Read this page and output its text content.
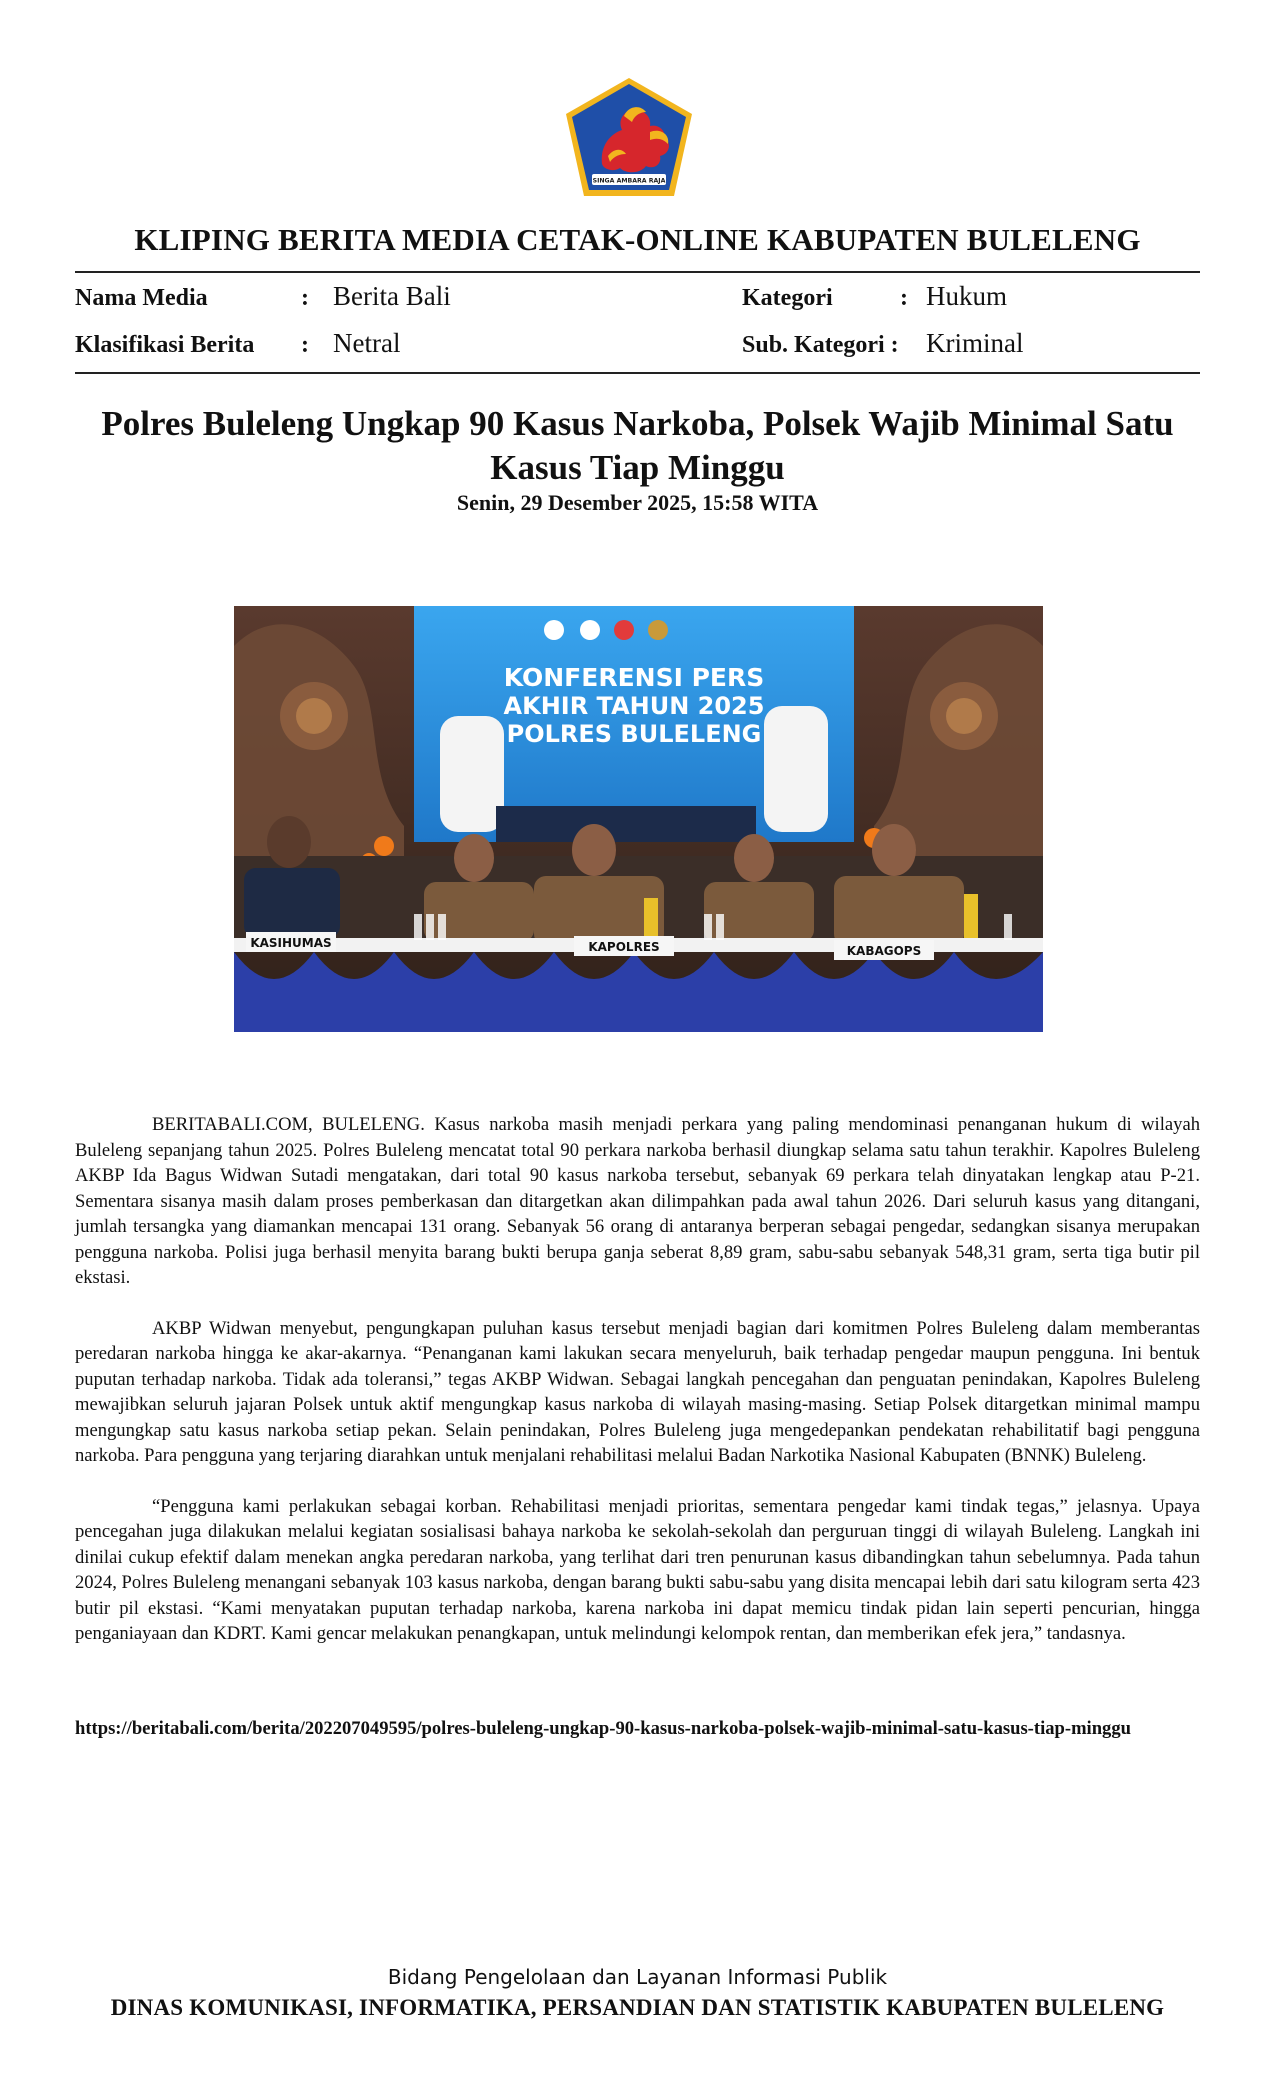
SINGA AMBARA RAJA
KLIPING BERITA MEDIA CETAK-ONLINE KABUPATEN BULELENG
Nama Media	: Berita Bali
Klasifikasi Berita	: Netral
Kategori	: Hukum
Sub. Kategori :	Kriminal
Polres Buleleng Ungkap 90 Kasus Narkoba, Polsek Wajib Minimal Satu Kasus Tiap Minggu
Senin, 29 Desember 2025, 15:58 WITA
KONFERENSI PERS
AKHIR TAHUN 2025
POLRES BULELENG
KASIHUMAS	KAPOLRES	KABAGOPS

BERITABALI.COM, BULELENG. Kasus narkoba masih menjadi perkara yang paling mendominasi penanganan hukum di wilayah Buleleng sepanjang tahun 2025. Polres Buleleng mencatat total 90 perkara narkoba berhasil diungkap selama satu tahun terakhir. Kapolres Buleleng AKBP Ida Bagus Widwan Sutadi mengatakan, dari total 90 kasus narkoba tersebut, sebanyak 69 perkara telah dinyatakan lengkap atau P-21. Sementara sisanya masih dalam proses pemberkasan dan ditargetkan akan dilimpahkan pada awal tahun 2026. Dari seluruh kasus yang ditangani, jumlah tersangka yang diamankan mencapai 131 orang. Sebanyak 56 orang di antaranya berperan sebagai pengedar, sedangkan sisanya merupakan pengguna narkoba. Polisi juga berhasil menyita barang bukti berupa ganja seberat 8,89 gram, sabu-sabu sebanyak 548,31 gram, serta tiga butir pil ekstasi.

AKBP Widwan menyebut, pengungkapan puluhan kasus tersebut menjadi bagian dari komitmen Polres Buleleng dalam memberantas peredaran narkoba hingga ke akar-akarnya. “Penanganan kami lakukan secara menyeluruh, baik terhadap pengedar maupun pengguna. Ini bentuk puputan terhadap narkoba. Tidak ada toleransi,” tegas AKBP Widwan. Sebagai langkah pencegahan dan penguatan penindakan, Kapolres Buleleng mewajibkan seluruh jajaran Polsek untuk aktif mengungkap kasus narkoba di wilayah masing-masing. Setiap Polsek ditargetkan minimal mampu mengungkap satu kasus narkoba setiap pekan. Selain penindakan, Polres Buleleng juga mengedepankan pendekatan rehabilitatif bagi pengguna narkoba. Para pengguna yang terjaring diarahkan untuk menjalani rehabilitasi melalui Badan Narkotika Nasional Kabupaten (BNNK) Buleleng.

“Pengguna kami perlakukan sebagai korban. Rehabilitasi menjadi prioritas, sementara pengedar kami tindak tegas,” jelasnya. Upaya pencegahan juga dilakukan melalui kegiatan sosialisasi bahaya narkoba ke sekolah-sekolah dan perguruan tinggi di wilayah Buleleng. Langkah ini dinilai cukup efektif dalam menekan angka peredaran narkoba, yang terlihat dari tren penurunan kasus dibandingkan tahun sebelumnya. Pada tahun 2024, Polres Buleleng menangani sebanyak 103 kasus narkoba, dengan barang bukti sabu-sabu yang disita mencapai lebih dari satu kilogram serta 423 butir pil ekstasi. “Kami menyatakan puputan terhadap narkoba, karena narkoba ini dapat memicu tindak pidan lain seperti pencurian, hingga penganiayaan dan KDRT. Kami gencar melakukan penangkapan, untuk melindungi kelompok rentan, dan memberikan efek jera,” tandasnya.

https://beritabali.com/berita/202207049595/polres-buleleng-ungkap-90-kasus-narkoba-polsek-wajib-minimal-satu-kasus-tiap-minggu
Bidang Pengelolaan dan Layanan Informasi Publik
DINAS KOMUNIKASI, INFORMATIKA, PERSANDIAN DAN STATISTIK KABUPATEN BULELENG
